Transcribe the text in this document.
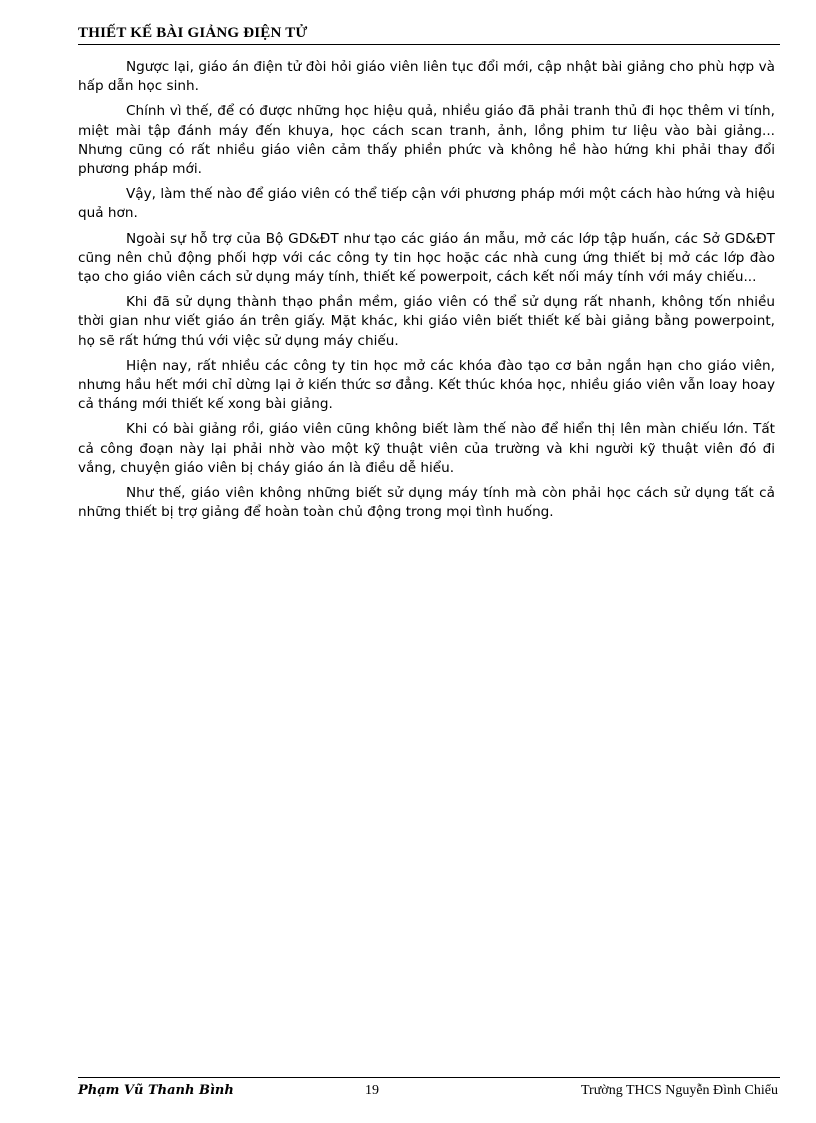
THIẾT KẾ BÀI GIẢNG ĐIỆN TỬ

Ngược lại, giáo án điện tử đòi hỏi giáo viên liên tục đổi mới, cập nhật bài giảng cho phù hợp và hấp dẫn học sinh.

Chính vì thế, để có được những học hiệu quả, nhiều giáo đã phải tranh thủ đi học thêm vi tính, miệt mài tập đánh máy đến khuya, học cách scan tranh, ảnh, lồng phim tư liệu vào bài giảng... Nhưng cũng có rất nhiều giáo viên cảm thấy phiền phức và không hề hào hứng khi phải thay đổi phương pháp mới.

Vậy, làm thế nào để giáo viên có thể tiếp cận với phương pháp mới một cách hào hứng và hiệu quả hơn.

Ngoài sự hỗ trợ của Bộ GD&ĐT như tạo các giáo án mẫu, mở các lớp tập huấn, các Sở GD&ĐT cũng nên chủ động phối hợp với các công ty tin học hoặc các nhà cung ứng thiết bị mở các lớp đào tạo cho giáo viên cách sử dụng máy tính, thiết kế powerpoit, cách kết nối máy tính với máy chiếu...

Khi đã sử dụng thành thạo phần mềm, giáo viên có thể sử dụng rất nhanh, không tốn nhiều thời gian như viết giáo án trên giấy. Mặt khác, khi giáo viên biết thiết kế bài giảng bằng powerpoint, họ sẽ rất hứng thú với việc sử dụng máy chiếu.

Hiện nay, rất nhiều các công ty tin học mở các khóa đào tạo cơ bản ngắn hạn cho giáo viên, nhưng hầu hết mới chỉ dừng lại ở kiến thức sơ đẳng. Kết thúc khóa học, nhiều giáo viên vẫn loay hoay cả tháng mới thiết kế xong bài giảng.

Khi có bài giảng rồi, giáo viên cũng không biết làm thế nào để hiển thị lên màn chiếu lớn. Tất cả công đoạn này lại phải nhờ vào một kỹ thuật viên của trường và khi người kỹ thuật viên đó đi vắng, chuyện giáo viên bị cháy giáo án là điều dễ hiểu.

Như thế, giáo viên không những biết sử dụng máy tính mà còn phải học cách sử dụng tất cả những thiết bị trợ giảng để hoàn toàn chủ động trong mọi tình huống.

Phạm Vũ Thanh Bình	19	Trường THCS Nguyễn Đình Chiểu
